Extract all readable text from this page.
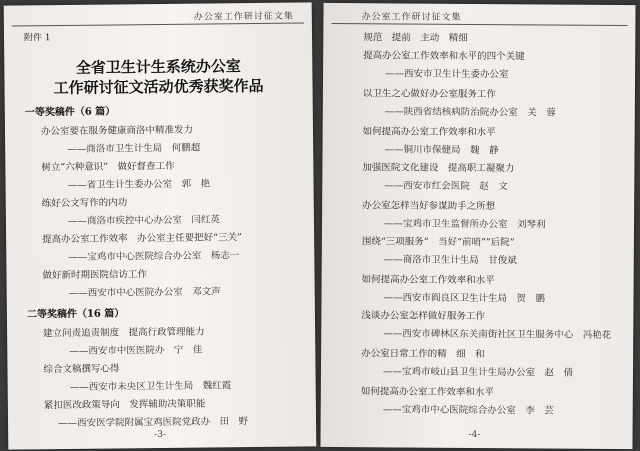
办公室工作研讨征文集
附件 1
全省卫生计生系统办公室
工作研讨征文活动优秀获奖作品
一等奖稿件（6 篇）
办公室要在服务健康商洛中精准发力
——商洛市卫生计生局　何鹏超
树立“六种意识”　做好督查工作
——省卫生计生委办公室　郭　艳
练好公文写作的内功
——商洛市疾控中心办公室　闫红英
提高办公室工作效率　办公室主任要把好“三关”
——宝鸡市中心医院综合办公室　杨志一
做好新时期医院信访工作
——西安市中心医院办公室　邓文声
二等奖稿件（16 篇）
建立问责追责制度　提高行政管理能力
——西安市中医医院办　宁　佳
综合文稿撰写心得
——西安市未央区卫生计生局　魏红霞
紧扣医改政策导向　发挥辅助决策职能
——西安医学院附属宝鸡医院党政办　田　野
-3-
办公室工作研讨征文集
规范　提前　主动　精细
提高办公室工作效率和水平的四个关键
——西安市卫生计生委办公室
以卫生之心做好办公室服务工作
——陕西省结核病防治院办公室　关　蓉
如何提高办公室工作效率和水平
——铜川市保健局　魏　静
加强医院文化建设　提高职工凝聚力
——西安市红会医院　赵　文
办公室怎样当好参谋助手之所想
——宝鸡市卫生监督所办公室　刘琴利
围绕“三项服务”　当好“前哨”“后院”
——商洛市卫生计生局　甘俊斌
如何提高办公室工作效率和水平
——西安市阎良区卫生计生局　贺　鹏
浅谈办公室怎样做好服务工作
——西安市碑林区东关南街社区卫生服务中心　冯艳花
办公室日常工作的精　细　和
——宝鸡市岐山县卫生计生局办公室　赵　倩
如何提高办公室工作效率和水平
——宝鸡市中心医院综合办公室　李　芸
-4-
